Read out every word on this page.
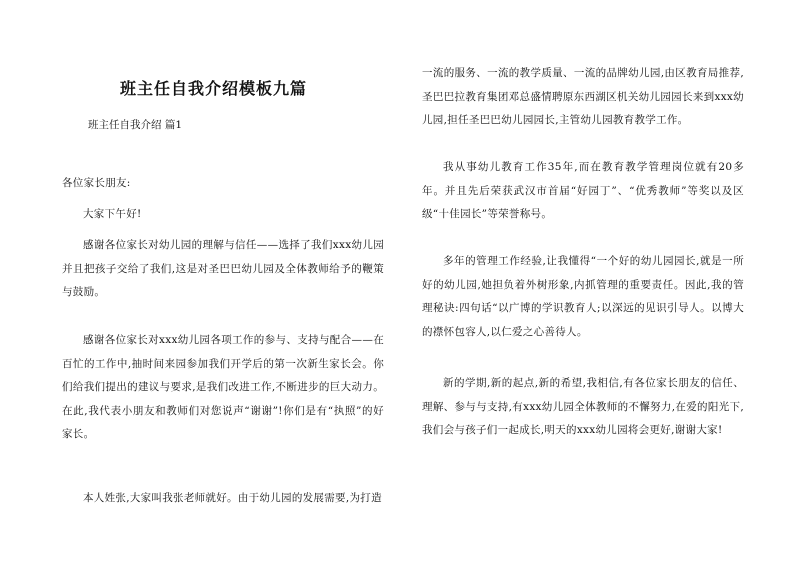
班主任自我介绍模板九篇
班主任自我介绍 篇1

各位家长朋友:

大家下午好!

感谢各位家长对幼儿园的理解与信任——选择了我们xxx幼儿园并且把孩子交给了我们,这是对圣巴巴幼儿园及全体教师给予的鞭策与鼓励。

感谢各位家长对xxx幼儿园各项工作的参与、支持与配合——在百忙的工作中,抽时间来园参加我们开学后的第一次新生家长会。你们给我们提出的建议与要求,是我们改进工作,不断进步的巨大动力。在此,我代表小朋友和教师们对您说声“谢谢”!你们是有“执照”的好家长。

本人姓张,大家叫我张老师就好。由于幼儿园的发展需要,为打造

一流的服务、一流的教学质量、一流的品牌幼儿园,由区教育局推荐,圣巴巴拉教育集团邓总盛情聘原东西湖区机关幼儿园园长来到xxx幼儿园,担任圣巴巴幼儿园园长,主管幼儿园教育教学工作。

我从事幼儿教育工作35年,而在教育教学管理岗位就有20多年。并且先后荣获武汉市首届“好园丁”、“优秀教师”等奖以及区级“十佳园长”等荣誉称号。

多年的管理工作经验,让我懂得“一个好的幼儿园园长,就是一所好的幼儿园,她担负着外树形象,内抓管理的重要责任。因此,我的管理秘诀:四句话“以广博的学识教育人;以深远的见识引导人。以博大的襟怀包容人,以仁爱之心善待人。

新的学期,新的起点,新的希望,我相信,有各位家长朋友的信任、理解、参与与支持,有xxx幼儿园全体教师的不懈努力,在爱的阳光下,我们会与孩子们一起成长,明天的xxx幼儿园将会更好,谢谢大家!
